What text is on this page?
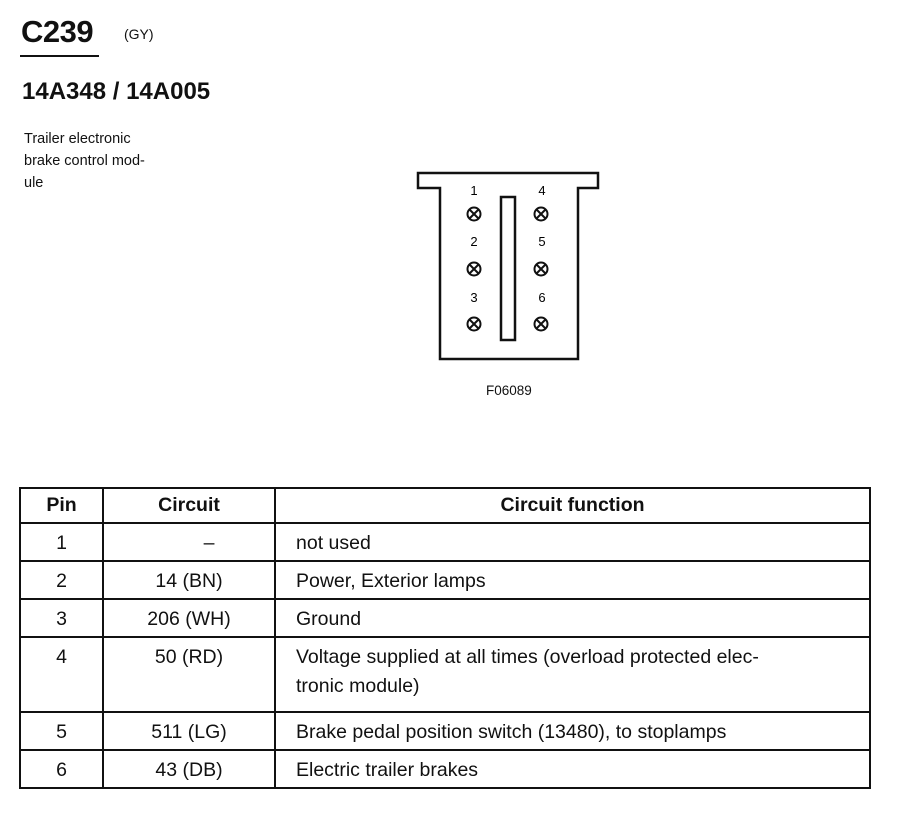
C239 (GY)
14A348 / 14A005
Trailer electronic
brake control mod-
ule	1
2
3
4
5
6
F06089
Pin	Circuit	Circuit function
1	–	not used
2	14 (BN)	Power, Exterior lamps
3	206 (WH)	Ground
4	50 (RD)	Voltage supplied at all times (overload protected elec-
tronic module)
5	511 (LG)	Brake pedal position switch (13480), to stoplamps
6	43 (DB)	Electric trailer brakes
